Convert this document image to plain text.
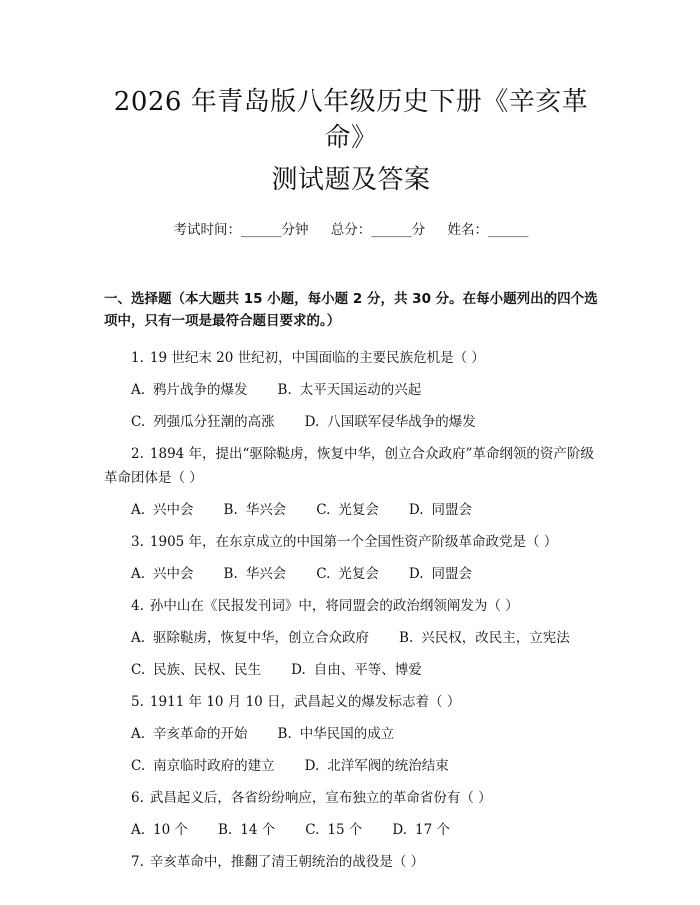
2026 年青岛版八年级历史下册《辛亥革命》
测试题及答案
考试时间：______分钟 总分：______分 姓名：______
一、选择题（本大题共 15 小题，每小题 2 分，共 30 分。在每小题列出的四个选项中，只有一项是最符合题目要求的。）

1. 19 世纪末 20 世纪初，中国面临的主要民族危机是（ ）

A. 鸦片战争的爆发 B. 太平天国运动的兴起
C. 列强瓜分狂潮的高涨 D. 八国联军侵华战争的爆发

2. 1894 年，提出“驱除鞑虏，恢复中华，创立合众政府”革命纲领的资产阶级革命团体是（ ）

A. 兴中会 B. 华兴会 C. 光复会 D. 同盟会

3. 1905 年，在东京成立的中国第一个全国性资产阶级革命政党是（ ）

A. 兴中会 B. 华兴会 C. 光复会 D. 同盟会

4. 孙中山在《民报发刊词》中，将同盟会的政治纲领阐发为（ ）

A. 驱除鞑虏，恢复中华，创立合众政府 B. 兴民权，改民主，立宪法
C. 民族、民权、民生 D. 自由、平等、博爱

5. 1911 年 10 月 10 日，武昌起义的爆发标志着（ ）

A. 辛亥革命的开始 B. 中华民国的成立
C. 南京临时政府的建立 D. 北洋军阀的统治结束

6. 武昌起义后，各省纷纷响应，宣布独立的革命省份有（ ）

A. 10 个 B. 14 个 C. 15 个 D. 17 个

7. 辛亥革命中，推翻了清王朝统治的战役是（ ）
